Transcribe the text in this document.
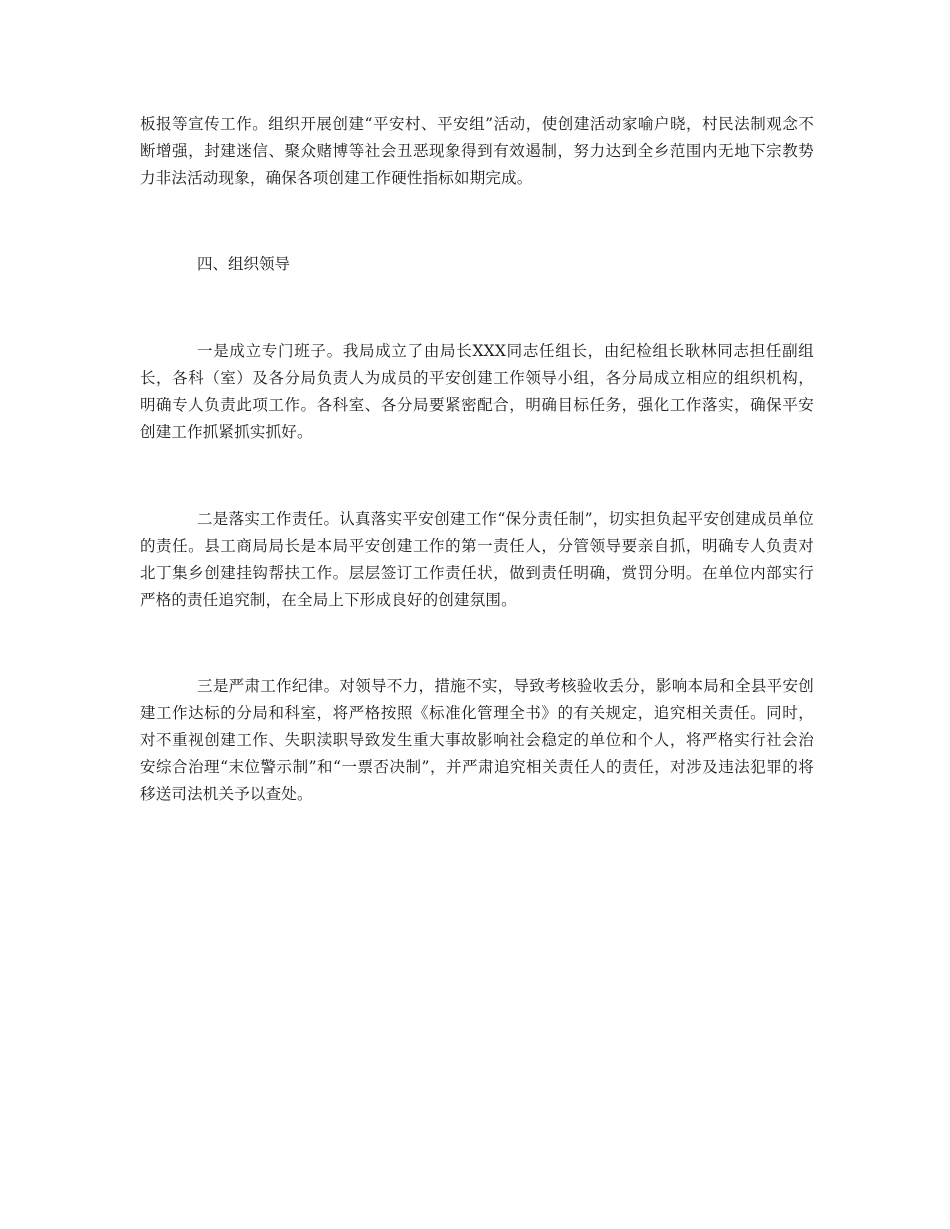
板报等宣传工作。组织开展创建“平安村、平安组”活动，使创建活动家喻户晓，村民法制观念不断增强，封建迷信、聚众赌博等社会丑恶现象得到有效遏制，努力达到全乡范围内无地下宗教势力非法活动现象，确保各项创建工作硬性指标如期完成。

四、组织领导

一是成立专门班子。我局成立了由局长XXX同志任组长，由纪检组长耿林同志担任副组长，各科（室）及各分局负责人为成员的平安创建工作领导小组，各分局成立相应的组织机构，明确专人负责此项工作。各科室、各分局要紧密配合，明确目标任务，强化工作落实，确保平安创建工作抓紧抓实抓好。

二是落实工作责任。认真落实平安创建工作“保分责任制”，切实担负起平安创建成员单位的责任。县工商局局长是本局平安创建工作的第一责任人，分管领导要亲自抓，明确专人负责对北丁集乡创建挂钩帮扶工作。层层签订工作责任状，做到责任明确，赏罚分明。在单位内部实行严格的责任追究制，在全局上下形成良好的创建氛围。

三是严肃工作纪律。对领导不力，措施不实，导致考核验收丢分，影响本局和全县平安创建工作达标的分局和科室，将严格按照《标准化管理全书》的有关规定，追究相关责任。同时，对不重视创建工作、失职渎职导致发生重大事故影响社会稳定的单位和个人，将严格实行社会治安综合治理“末位警示制”和“一票否决制”，并严肃追究相关责任人的责任，对涉及违法犯罪的将移送司法机关予以查处。
